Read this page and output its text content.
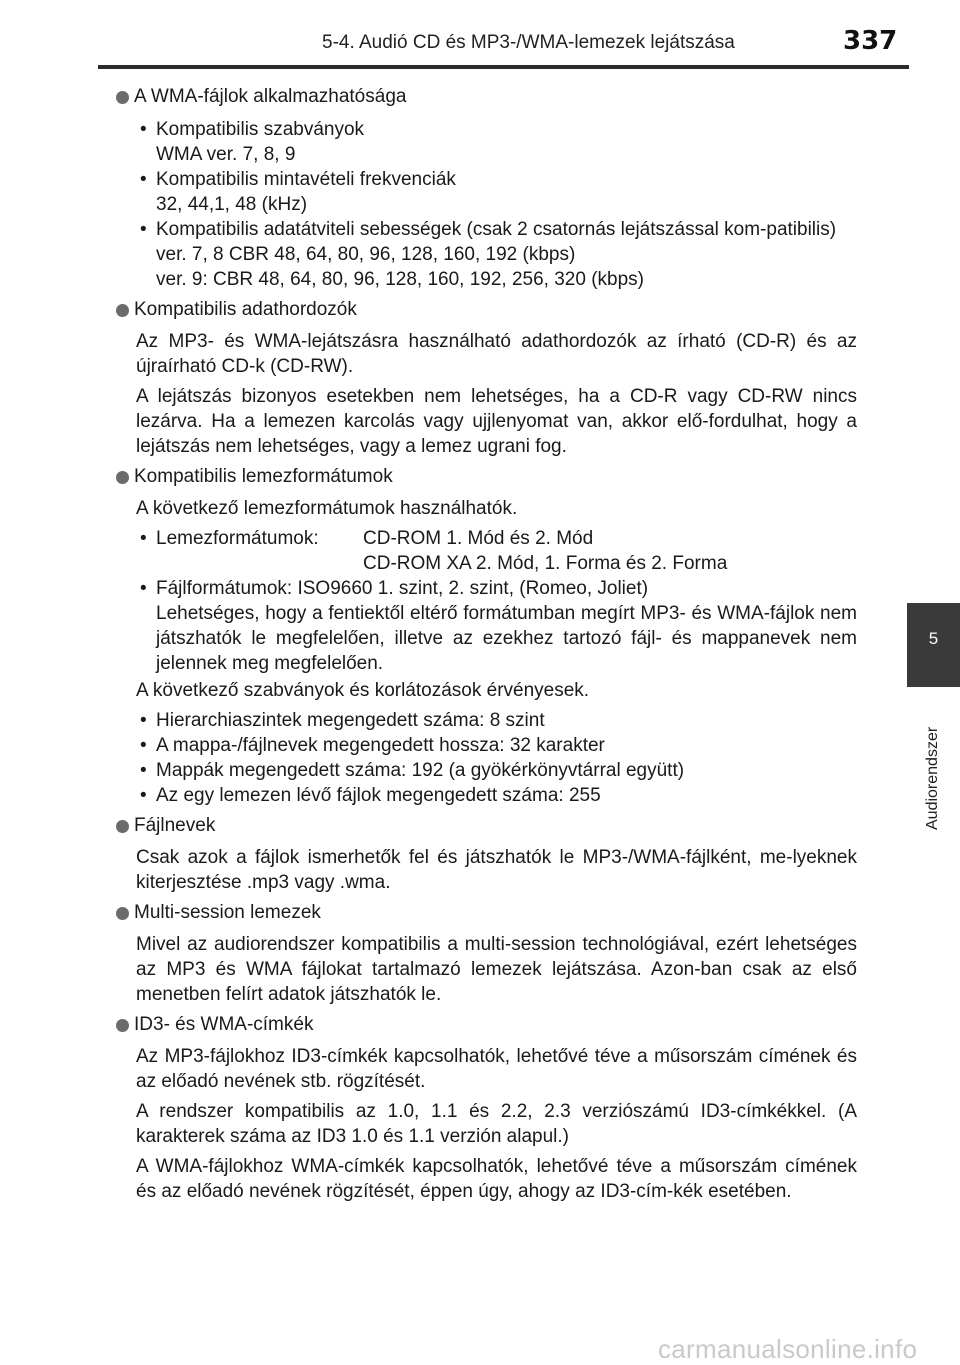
5-4. Audió CD és MP3-/WMA-lemezek lejátszása	337
5
Audiorendszer
A WMA-fájlok alkalmazhatósága
• Kompatibilis szabványok
WMA ver. 7, 8, 9
• Kompatibilis mintavételi frekvenciák
32, 44,1, 48 (kHz)
• Kompatibilis adatátviteli sebességek (csak 2 csatornás lejátszással kom-patibilis)
ver. 7, 8 CBR 48, 64, 80, 96, 128, 160, 192 (kbps)
ver. 9: CBR 48, 64, 80, 96, 128, 160, 192, 256, 320 (kbps)
Kompatibilis adathordozók

Az MP3- és WMA-lejátszásra használható adathordozók az írható (CD-R) és az újraírható CD-k (CD-RW).

A lejátszás bizonyos esetekben nem lehetséges, ha a CD-R vagy CD-RW nincs lezárva. Ha a lemezen karcolás vagy ujjlenyomat van, akkor elő-fordulhat, hogy a lejátszás nem lehetséges, vagy a lemez ugrani fog.

Kompatibilis lemezformátumok

A következő lemezformátumok használhatók.

• Lemezformátumok:	CD-ROM 1. Mód és 2. Mód
CD-ROM XA 2. Mód, 1. Forma és 2. Forma
• Fájlformátumok: ISO9660 1. szint, 2. szint, (Romeo, Joliet)
Lehetséges, hogy a fentiektől eltérő formátumban megírt MP3- és WMA-fájlok nem játszhatók le megfelelően, illetve az ezekhez tartozó fájl- és mappanevek nem jelennek meg megfelelően.

A következő szabványok és korlátozások érvényesek.

• Hierarchiaszintek megengedett száma: 8 szint
• A mappa-/fájlnevek megengedett hossza: 32 karakter
• Mappák megengedett száma: 192 (a gyökérkönyvtárral együtt)
• Az egy lemezen lévő fájlok megengedett száma: 255
Fájlnevek

Csak azok a fájlok ismerhetők fel és játszhatók le MP3-/WMA-fájlként, me-lyeknek kiterjesztése .mp3 vagy .wma.

Multi-session lemezek

Mivel az audiorendszer kompatibilis a multi-session technológiával, ezért lehetséges az MP3 és WMA fájlokat tartalmazó lemezek lejátszása. Azon-ban csak az első menetben felírt adatok játszhatók le.

ID3- és WMA-címkék

Az MP3-fájlokhoz ID3-címkék kapcsolhatók, lehetővé téve a műsorszám címének és az előadó nevének stb. rögzítését.

A rendszer kompatibilis az 1.0, 1.1 és 2.2, 2.3 verziószámú ID3-címkékkel. (A karakterek száma az ID3 1.0 és 1.1 verzión alapul.)

A WMA-fájlokhoz WMA-címkék kapcsolhatók, lehetővé téve a műsorszám címének és az előadó nevének rögzítését, éppen úgy, ahogy az ID3-cím-kék esetében.

carmanualsonline.info
